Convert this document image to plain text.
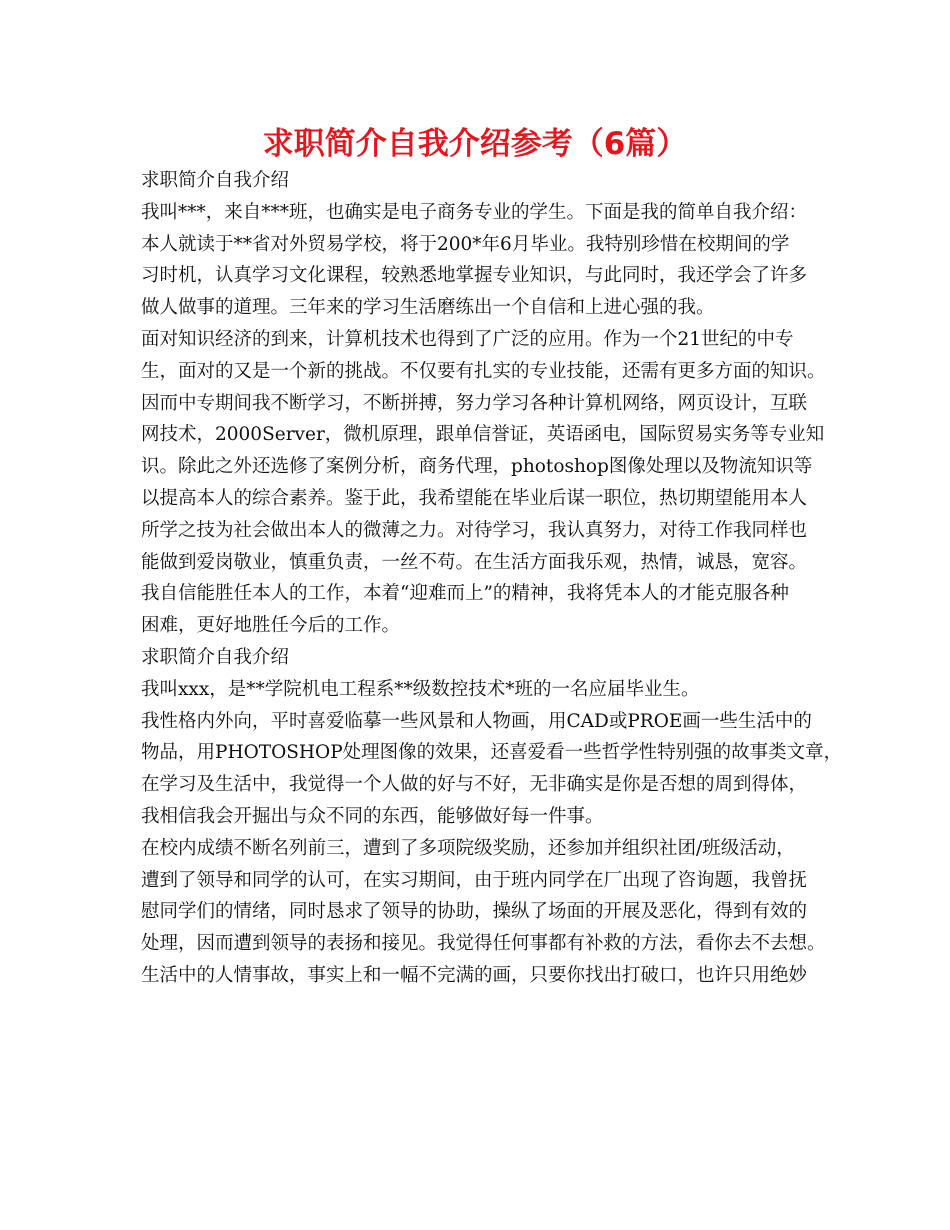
求职简介自我介绍参考（6篇）
求职简介自我介绍
我叫***，来自***班，也确实是电子商务专业的学生。下面是我的简单自我介绍：
本人就读于**省对外贸易学校，将于200*年6月毕业。我特别珍惜在校期间的学
习时机，认真学习文化课程，较熟悉地掌握专业知识，与此同时，我还学会了许多
做人做事的道理。三年来的学习生活磨练出一个自信和上进心强的我。
面对知识经济的到来，计算机技术也得到了广泛的应用。作为一个21世纪的中专
生，面对的又是一个新的挑战。不仅要有扎实的专业技能，还需有更多方面的知识。
因而中专期间我不断学习，不断拼搏，努力学习各种计算机网络，网页设计，互联
网技术，2000Server，微机原理，跟单信誉证，英语函电，国际贸易实务等专业知
识。除此之外还选修了案例分析，商务代理，photoshop图像处理以及物流知识等
以提高本人的综合素养。鉴于此，我希望能在毕业后谋一职位，热切期望能用本人
所学之技为社会做出本人的微薄之力。对待学习，我认真努力，对待工作我同样也
能做到爱岗敬业，慎重负责，一丝不苟。在生活方面我乐观，热情，诚恳，宽容。
我自信能胜任本人的工作，本着“迎难而上”的精神，我将凭本人的才能克服各种
困难，更好地胜任今后的工作。
求职简介自我介绍
我叫xxx，是**学院机电工程系**级数控技术*班的一名应届毕业生。
我性格内外向，平时喜爱临摹一些风景和人物画，用CAD或PROE画一些生活中的
物品，用PHOTOSHOP处理图像的效果，还喜爱看一些哲学性特别强的故事类文章，
在学习及生活中，我觉得一个人做的好与不好，无非确实是你是否想的周到得体，
我相信我会开掘出与众不同的东西，能够做好每一件事。
在校内成绩不断名列前三，遭到了多项院级奖励，还参加并组织社团/班级活动，
遭到了领导和同学的认可，在实习期间，由于班内同学在厂出现了咨询题，我曾抚
慰同学们的情绪，同时恳求了领导的协助，操纵了场面的开展及恶化，得到有效的
处理，因而遭到领导的表扬和接见。我觉得任何事都有补救的方法，看你去不去想。
生活中的人情事故，事实上和一幅不完满的画，只要你找出打破口，也许只用绝妙
